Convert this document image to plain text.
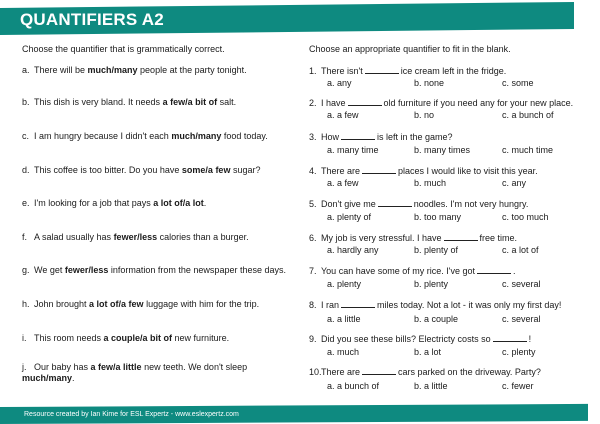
QUANTIFIERS A2
Choose the quantifier that is grammatically correct.	Choose an appropriate quantifier to fit in the blank.
a. There will be much/many people at the party tonight.
b. This dish is very bland. It needs a few/a bit of salt.
c. I am hungry because I didn't each much/many food today.
d. This coffee is too bitter. Do you have some/a few sugar?
e. I'm looking for a job that pays a lot of/a lot.
f. A salad usually has fewer/less calories than a burger.
g. We get fewer/less information from the newspaper these days.
h. John brought a lot of/a few luggage with him for the trip.
i. This room needs a couple/a bit of new furniture.
j. Our baby has a few/a little new teeth. We don't sleep much/many.
1. There isn't	ice cream left in the fridge.
a. any	b. none	c. some
2. I have	old furniture if you need any for your new place.
a. a few	b. no	c. a bunch of
3. How	is left in the game?
a. many time	b. many times	c. much time
4. There are	places I would like to visit this year.
a. a few	b. much	c. any
5. Don't give me	noodles. I'm not very hungry.
a. plenty of	b. too many	c. too much
6. My job is very stressful. I have	free time.
a. hardly any	b. plenty of	c. a lot of
7. You can have some of my rice. I've got	.
a. plenty	b. plenty	c. several
8. I ran	miles today. Not a lot - it was only my first day!
a. a little	b. a couple	c. several
9. Did you see these bills? Electricty costs so	!
a. much	b. a lot	c. plenty
10.There are	cars parked on the driveway. Party?
a. a bunch of	b. a little	c. fewer
Resource created by Ian Kime for ESL Expertz - www.eslexpertz.com
